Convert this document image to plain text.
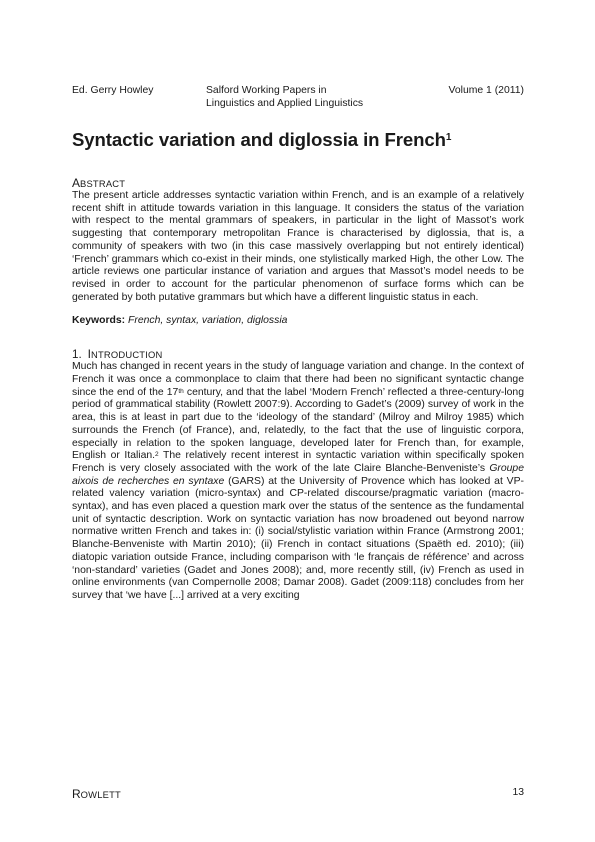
Ed. Gerry Howley	Salford Working Papers in
Linguistics and Applied Linguistics
Volume 1 (2011)
Syntactic variation and diglossia in French$^1$
ABSTRACT

The present article addresses syntactic variation within French, and is an example of a relatively recent shift in attitude towards variation in this language. It considers the status of the variation with respect to the mental grammars of speakers, in particular in the light of Massot’s work suggesting that contemporary metropolitan France is characterised by diglossia, that is, a community of speakers with two (in this case massively overlapping but not entirely identical) ‘French’ grammars which co-exist in their minds, one stylistically marked High, the other Low. The article reviews one particular instance of variation and argues that Massot’s model needs to be revised in order to account for the particular phenomenon of surface forms which can be generated by both putative grammars but which have a different linguistic status in each.

Keywords: French, syntax, variation, diglossia
1. INTRODUCTION

Much has changed in recent years in the study of language variation and change. In the context of French it was once a commonplace to claim that there had been no significant syntactic change since the end of the 17th century, and that the label ‘Modern French’ reflected a three-century-long period of grammatical stability (Rowlett 2007:9). According to Gadet’s (2009) survey of work in the area, this is at least in part due to the ‘ideology of the standard’ (Milroy and Milroy 1985) which surrounds the French (of France), and, relatedly, to the fact that the use of linguistic corpora, especially in relation to the spoken language, developed later for French than, for example, English or Italian.$^2$ The relatively recent interest in syntactic variation within specifically spoken French is very closely associated with the work of the late Claire Blanche-Benveniste’s Groupe aixois de recherches en syntaxe (GARS) at the University of Provence which has looked at VP-related valency variation (micro-syntax) and CP-related discourse/pragmatic variation (macro-syntax), and has even placed a question mark over the status of the sentence as the fundamental unit of syntactic description. Work on syntactic variation has now broadened out beyond narrow normative written French and takes in: (i) social/stylistic variation within France (Armstrong 2001; Blanche-Benveniste with Martin 2010); (ii) French in contact situations (Spaëth ed. 2010); (iii) diatopic variation outside France, including comparison with ‘le français de référence’ and across ‘non-standard’ varieties (Gadet and Jones 2008); and, more recently still, (iv) French as used in online environments (van Compernolle 2008; Damar 2008). Gadet (2009:118) concludes from her survey that ‘we have [...] arrived at a very exciting

ROWLETT	13
